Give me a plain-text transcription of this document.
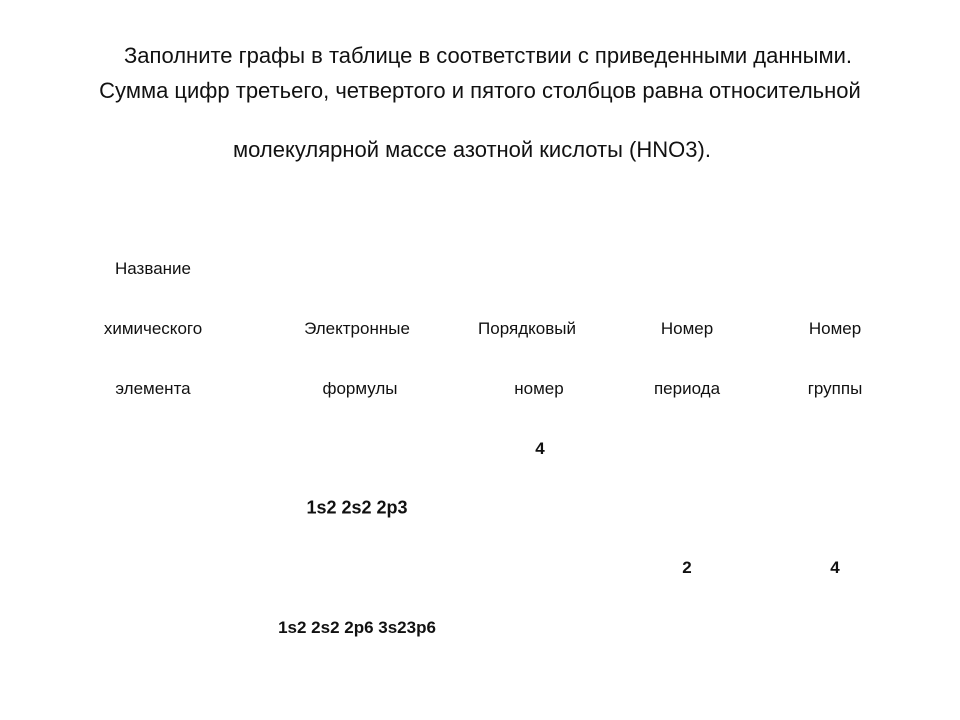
Заполните графы в таблице в соответствии с приведенными данными.
Сумма цифр третьего, четвертого и пятого столбцов равна относительной
молекулярной массе азотной кислоты (HNO3).
Название
химического
элемента
Электронные
формулы
Порядковый
номер
Номер
периода
Номер
группы
4
1s2 2s2 2p3
2	4
1s2 2s2 2p6 3s23p6
